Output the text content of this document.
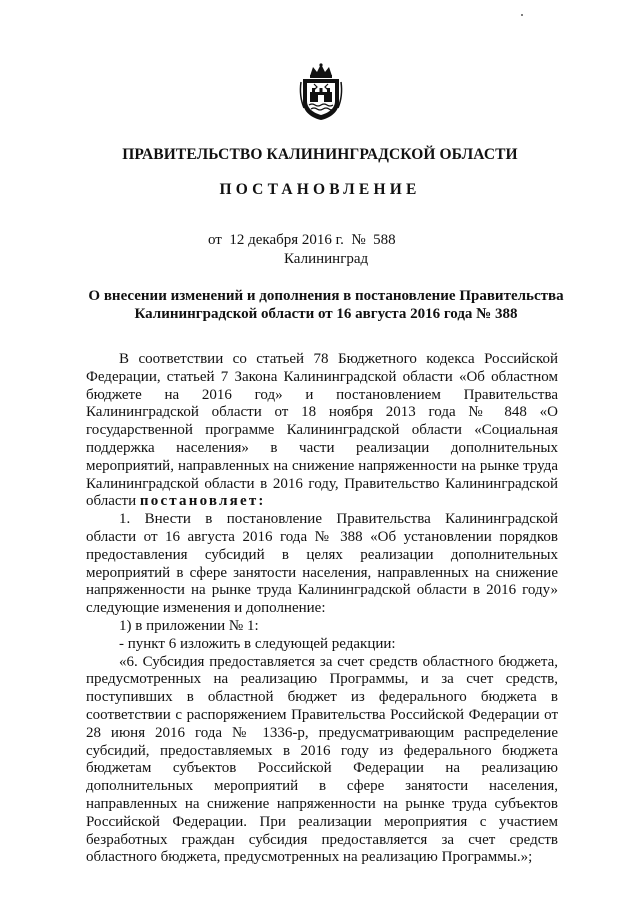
ПРАВИТЕЛЬСТВО КАЛИНИНГРАДСКОЙ ОБЛАСТИ
ПОСТАНОВЛЕНИЕ
от 12 декабря 2016 г. № 588
Калининград
О внесении изменений и дополнения в постановление Правительства Калининградской области от 16 августа 2016 года № 388

В соответствии со статьей 78 Бюджетного кодекса Российской Федерации, статьей 7 Закона Калининградской области «Об областном бюджете на 2016 год» и постановлением Правительства Калининградской области от 18 ноября 2013 года № 848 «О государственной программе Калининградской области «Социальная поддержка населения» в части реализации дополнительных мероприятий, направленных на снижение напряженности на рынке труда Калининградской области в 2016 году, Правительство Калининградской области постановляет:

1. Внести в постановление Правительства Калининградской области от 16 августа 2016 года № 388 «Об установлении порядков предоставления субсидий в целях реализации дополнительных мероприятий в сфере занятости населения, направленных на снижение напряженности на рынке труда Калининградской области в 2016 году» следующие изменения и дополнение:

1) в приложении № 1:

- пункт 6 изложить в следующей редакции:

«6. Субсидия предоставляется за счет средств областного бюджета, предусмотренных на реализацию Программы, и за счет средств, поступивших в областной бюджет из федерального бюджета в соответствии с распоряжением Правительства Российской Федерации от 28 июня 2016 года № 1336-р, предусматривающим распределение субсидий, предоставляемых в 2016 году из федерального бюджета бюджетам субъектов Российской Федерации на реализацию дополнительных мероприятий в сфере занятости населения, направленных на снижение напряженности на рынке труда субъектов Российской Федерации. При реализации мероприятия с участием безработных граждан субсидия предоставляется за счет средств областного бюджета, предусмотренных на реализацию Программы.»;
